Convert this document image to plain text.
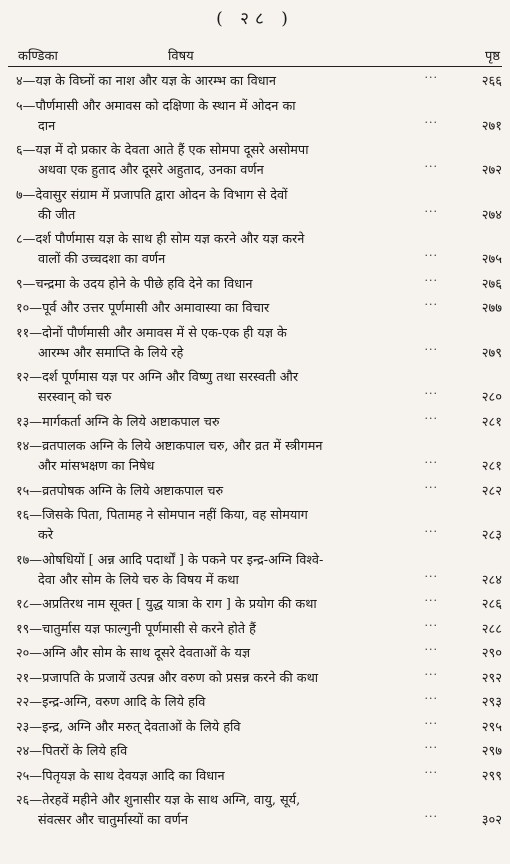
( २८ )
कण्डिका	विषय	पृष्ठ
४—यज्ञ के विघ्नों का नाश और यज्ञ के आरम्भ का विधान	···	२६६
५—पौर्णमासी और अमावस को दक्षिणा के स्थान में ओदन का
दान	···	२७१
६—यज्ञ में दो प्रकार के देवता आते हैं एक सोमपा दूसरे असोमपा
अथवा एक हुताद और दूसरे अहुताद, उनका वर्णन	···	२७२
७—देवासुर संग्राम में प्रजापति द्वारा ओदन के विभाग से देवों
की जीत	···	२७४
८—दर्श पौर्णमास यज्ञ के साथ ही सोम यज्ञ करने और यज्ञ करने
वालों की उच्चदशा का वर्णन	···	२७५
९—चन्द्रमा के उदय होने के पीछे हवि देने का विधान	···	२७६
१०—पूर्व और उत्तर पूर्णमासी और अमावास्या का विचार	···	२७७
११—दोनों पौर्णमासी और अमावस में से एक-एक ही यज्ञ के
आरम्भ और समाप्ति के लिये रहे	···	२७९
१२—दर्श पूर्णमास यज्ञ पर अग्नि और विष्णु तथा सरस्वती और
सरस्वान् को चरु	···	२८०
१३—मार्गकर्ता अग्नि के लिये अष्टाकपाल चरु	···	२८१
१४—व्रतपालक अग्नि के लिये अष्टाकपाल चरु, और व्रत में स्त्रीगमन
और मांसभक्षण का निषेध	···	२८१
१५—व्रतपोषक अग्नि के लिये अष्टाकपाल चरु	···	२८२
१६—जिसके पिता, पितामह ने सोमपान नहीं किया, वह सोमयाग
करे	···	२८३
१७—ओषधियों [ अन्न आदि पदार्थों ] के पकने पर इन्द्र-अग्नि विश्वे-
देवा और सोम के लिये चरु के विषय में कथा	···	२८४
१८—अप्रतिरथ नाम सूक्त [ युद्ध यात्रा के राग ] के प्रयोग की कथा	···	२८६
१९—चातुर्मास यज्ञ फाल्गुनी पूर्णमासी से करने होते हैं	···	२८८
२०—अग्नि और सोम के साथ दूसरे देवताओं के यज्ञ	···	२९०
२१—प्रजापति के प्रजायें उत्पन्न और वरुण को प्रसन्न करने की कथा	···	२९२
२२—इन्द्र-अग्नि, वरुण आदि के लिये हवि	···	२९३
२३—इन्द्र, अग्नि और मरुत् देवताओं के लिये हवि	···	२९५
२४—पितरों के लिये हवि	···	२९७
२५—पितृयज्ञ के साथ देवयज्ञ आदि का विधान	···	२९९
२६—तेरहवें महीने और शुनासीर यज्ञ के साथ अग्नि, वायु, सूर्य,
संवत्सर और चातुर्मास्यों का वर्णन	···	३०२
